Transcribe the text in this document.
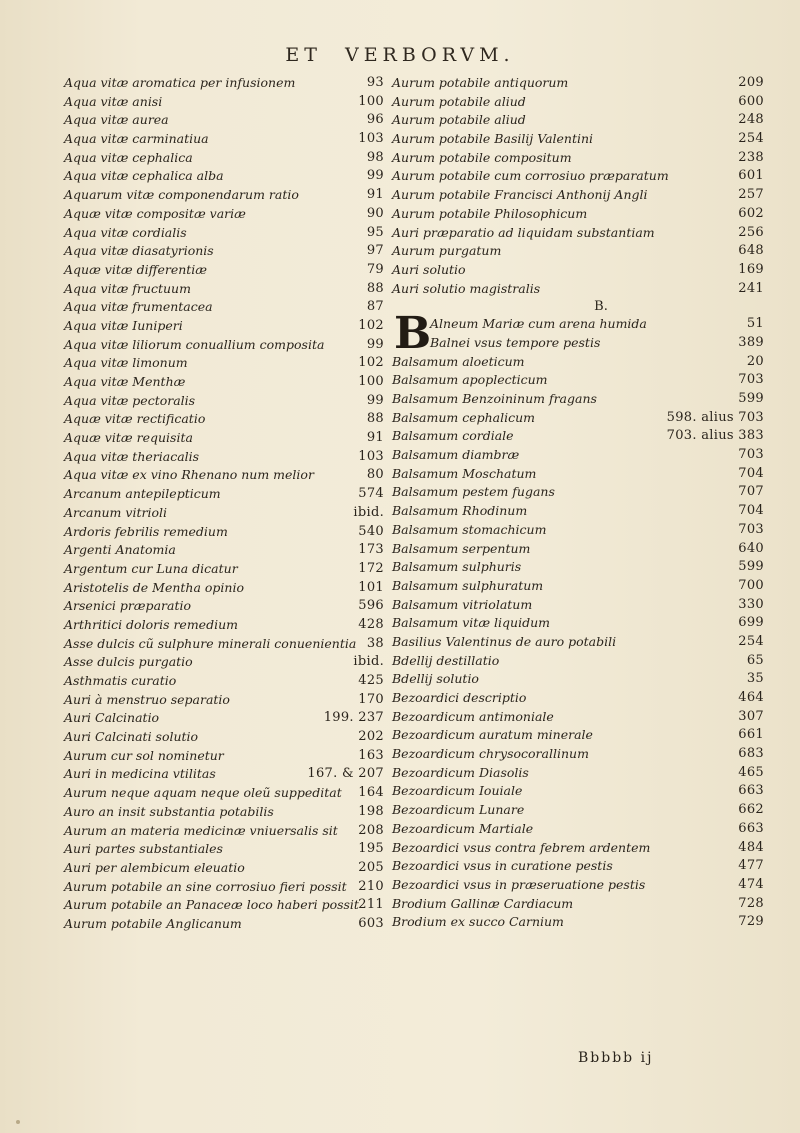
ET VERBORVM.
Aqua vitæ aromatica per infusionem	93
Aqua vitæ anisi	100
Aqua vitæ aurea	96
Aqua vitæ carminatiua	103
Aqua vitæ cephalica	98
Aqua vitæ cephalica alba	99
Aquarum vitæ componendarum ratio	91
Aquæ vitæ compositæ variæ	90
Aqua vitæ cordialis	95
Aqua vitæ diasatyrionis	97
Aquæ vitæ differentiæ	79
Aqua vitæ fructuum	88
Aqua vitæ frumentacea	87
Aqua vitæ Iuniperi	102
Aqua vitæ liliorum conuallium composita	99
Aqua vitæ limonum	102
Aqua vitæ Menthæ	100
Aqua vitæ pectoralis	99
Aquæ vitæ rectificatio	88
Aquæ vitæ requisita	91
Aqua vitæ theriacalis	103
Aqua vitæ ex vino Rhenano num melior	80
Arcanum antepilepticum	574
Arcanum vitrioli	ibid.
Ardoris febrilis remedium	540
Argenti Anatomia	173
Argentum cur Luna dicatur	172
Aristotelis de Mentha opinio	101
Arsenici præparatio	596
Arthritici doloris remedium	428
Asse dulcis cũ sulphure minerali conuenientia 38
Asse dulcis purgatio	ibid.
Asthmatis curatio	425
Auri à menstruo separatio	170
Auri Calcinatio	199. 237
Auri Calcinati solutio	202
Aurum cur sol nominetur	163
Auri in medicina vtilitas	167. & 207
Aurum neque aquam neque oleũ suppeditat 164
Auro an insit substantia potabilis	198
Aurum an materia medicinæ vniuersalis sit 208
Auri partes substantiales	195
Auri per alembicum eleuatio	205
Aurum potabile an sine corrosiuo fieri possit 210
Aurum potabile an Panaceæ loco haberi possit 211
Aurum potabile Anglicanum	603
B
Aurum potabile antiquorum	209
Aurum potabile aliud	600
Aurum potabile aliud	248
Aurum potabile Basilij Valentini	254
Aurum potabile compositum	238
Aurum potabile cum corrosiuo præparatum	601
Aurum potabile Francisci Anthonij Angli	257
Aurum potabile Philosophicum	602
Auri præparatio ad liquidam substantiam	256
Aurum purgatum	648
Auri solutio	169
Auri solutio magistralis	241
B.
Alneum Mariæ cum arena humida	51
Balnei vsus tempore pestis	389
Balsamum aloeticum	20
Balsamum apoplecticum	703
Balsamum Benzoininum fragans	599
Balsamum cephalicum	598. alius 703
Balsamum cordiale	703. alius 383
Balsamum diambræ	703
Balsamum Moschatum	704
Balsamum pestem fugans	707
Balsamum Rhodinum	704
Balsamum stomachicum	703
Balsamum serpentum	640
Balsamum sulphuris	599
Balsamum sulphuratum	700
Balsamum vitriolatum	330
Balsamum vitæ liquidum	699
Basilius Valentinus de auro potabili	254
Bdellij destillatio	65
Bdellij solutio	35
Bezoardici descriptio	464
Bezoardicum antimoniale	307
Bezoardicum auratum minerale	661
Bezoardicum chrysocorallinum	683
Bezoardicum Diasolis	465
Bezoardicum Iouiale	663
Bezoardicum Lunare	662
Bezoardicum Martiale	663
Bezoardici vsus contra febrem ardentem	484
Bezoardici vsus in curatione pestis	477
Bezoardici vsus in præseruatione pestis	474
Brodium Gallinæ Cardiacum	728
Brodium ex succo Carnium	729
Bbbbb ij
